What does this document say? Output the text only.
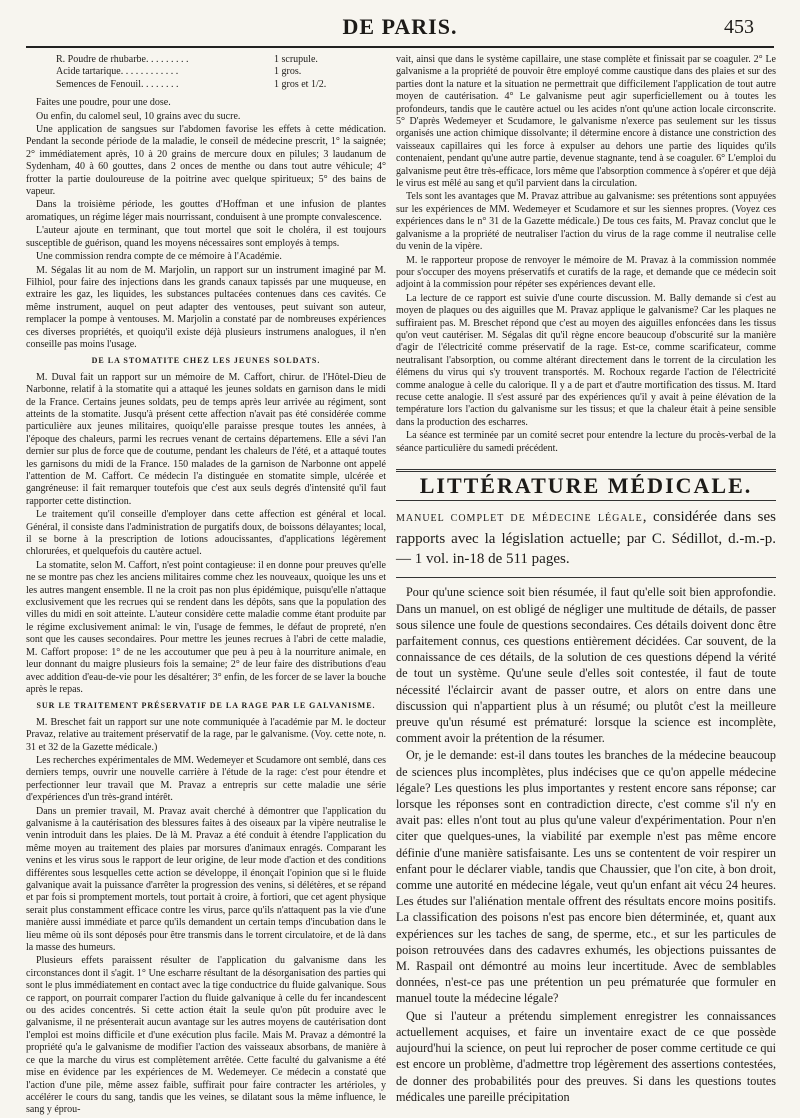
DE PARIS.	453
R. Poudre de rhubarbe. . . . . . . . .	1 scrupule.
Acide tartarique. . . . . . . . . . . .	1 gros.
Semences de Fenouil. . . . . . . .	1 gros et 1/2.

Faites une poudre, pour une dose.

Ou enfin, du calomel seul, 10 grains avec du sucre.

Une application de sangsues sur l'abdomen favorise les effets à cette médication. Pendant la seconde période de la maladie, le conseil de médecine prescrit, 1° la saignée; 2° immédiatement après, 10 à 20 grains de mercure doux en pilules; 3 laudanum de Sydenham, 40 à 60 gouttes, dans 2 onces de menthe ou dans tout autre véhicule; 4° frotter la partie douloureuse de la poitrine avec quelque spiritueux; 5° des bains de vapeur.

Dans la troisième période, les gouttes d'Hoffman et une infusion de plantes aromatiques, un régime léger mais nourrissant, conduisent à une prompte convalescence.

L'auteur ajoute en terminant, que tout mortel que soit le choléra, il est toujours susceptible de guérison, quand les moyens nécessaires sont employés à temps.

Une commission rendra compte de ce mémoire à l'Académie.

M. Ségalas lit au nom de M. Marjolin, un rapport sur un instrument imaginé par M. Filhiol, pour faire des injections dans les grands canaux tapissés par une muqueuse, en extraire les gaz, les liquides, les substances pultacées contenues dans ces cavités. Ce même instrument, auquel on peut adapter des ventouses, peut suivant son auteur, remplacer la pompe à ventouses. M. Marjolin a constaté par de nombreuses expériences ces diverses propriétés, et quoiqu'il existe déjà plusieurs instrumens analogues, il n'en conseille pas moins l'usage.

DE LA STOMATITE CHEZ LES JEUNES SOLDATS.

M. Duval fait un rapport sur un mémoire de M. Caffort, chirur. de l'Hôtel-Dieu de Narbonne, relatif à la stomatite qui a attaqué les jeunes soldats en garnison dans le midi de la France. Certains jeunes soldats, peu de temps après leur arrivée au régiment, sont atteints de la stomatite. Jusqu'à présent cette affection n'avait pas été considérée comme particulière aux jeunes militaires, quoiqu'elle paraisse presque toutes les années, à l'époque des chaleurs, parmi les recrues venant de certains départemens. Elle a sévi l'an dernier sur plus de force que de coutume, pendant les chaleurs de l'été, et a attaqué toutes les garnisons du midi de la France. 150 malades de la garnison de Narbonne ont appelé l'attention de M. Caffort. Ce médecin l'a distinguée en stomatite simple, ulcérée et gangréneuse: il fait remarquer toutefois que c'est aux seuls degrés d'intensité qu'il faut rapporter cette distinction.

Le traitement qu'il conseille d'employer dans cette affection est général et local. Général, il consiste dans l'administration de purgatifs doux, de boissons délayantes; local, il se borne à la prescription de lotions adoucissantes, d'applications légèrement chlorurées, et quelquefois du cautère actuel.

La stomatite, selon M. Caffort, n'est point contagieuse: il en donne pour preuves qu'elle ne se montre pas chez les anciens militaires comme chez les nouveaux, quoique les uns et les autres mangent ensemble. Il ne la croit pas non plus épidémique, puisqu'elle n'attaque exclusivement que les recrues qui se rendent dans les dépôts, sans que la population des villes du midi en soit atteinte. L'auteur considère cette maladie comme étant produite par le régime exclusivement animal: le vin, l'usage de femmes, le défaut de propreté, n'en sont que les causes secondaires. Pour mettre les jeunes recrues à l'abri de cette maladie, M. Caffort propose: 1° de ne les accoutumer que peu à peu à la nourriture animale, en leur donnant du maigre plusieurs fois la semaine; 2° de leur faire des distributions d'eau avec addition d'eau-de-vie pour les désaltérer; 3° enfin, de les forcer de se laver la bouche après le repas.

SUR LE TRAITEMENT PRÉSERVATIF DE LA RAGE PAR LE GALVANISME.

M. Breschet fait un rapport sur une note communiquée à l'académie par M. le docteur Pravaz, relative au traitement préservatif de la rage, par le galvanisme. (Voy. cette note, n. 31 et 32 de la Gazette médicale.)

Les recherches expérimentales de MM. Wedemeyer et Scudamore ont semblé, dans ces derniers temps, ouvrir une nouvelle carrière à l'étude de la rage: c'est pour étendre et perfectionner leur travail que M. Pravaz a entrepris sur cette maladie une série d'expériences d'un très-grand intérêt.

Dans un premier travail, M. Pravaz avait cherché à démontrer que l'application du galvanisme à la cautérisation des blessures faites à des oiseaux par la vipère neutralise le venin introduit dans les plaies. De là M. Pravaz a été conduit à étendre l'application du même moyen au traitement des plaies par morsures d'animaux enragés. Comparant les venins et les virus sous le rapport de leur origine, de leur mode d'action et des conditions différentes sous lesquelles cette action se développe, il énonçait l'opinion que si le fluide galvanique avait la puissance d'arrêter la progression des venins, si délétères, et se répand et par fois si promptement mortels, tout portait à croire, à fortiori, que cet agent physique serait plus constamment efficace contre les virus, parce qu'ils n'attaquent pas la vie d'une manière aussi immédiate et parce qu'ils demandent un certain temps d'incubation dans le lieu même où ils sont déposés pour être transmis dans le torrent circulatoire, et de là dans la masse des humeurs.

Plusieurs effets paraissent résulter de l'application du galvanisme dans les circonstances dont il s'agit. 1° Une escharre résultant de la désorganisation des parties qui sont le plus immédiatement en contact avec la tige conductrice du fluide galvanique. Sous ce rapport, on pourrait comparer l'action du fluide galvanique à celle du fer incandescent ou des acides concentrés. Si cette action était la seule qu'on pût produire avec le galvanisme, il ne présenterait aucun avantage sur les autres moyens de cautérisation dont l'emploi est moins difficile et d'une exécution plus facile. Mais M. Pravaz a démontré la propriété qu'a le galvanisme de modifier l'action des vaisseaux absorbans, de manière à ce que la marche du virus est complètement arrêtée. Cette faculté du galvanisme a été mise en évidence par les expériences de M. Wedemeyer. Ce médecin a constaté que l'action d'une pile, même assez faible, suffirait pour faire contracter les artérioles, y accélérer le cours du sang, tandis que les veines, se dilatant sous la même influence, le sang y éprou-

vait, ainsi que dans le système capillaire, une stase complète et finissait par se coaguler. 2° Le galvanisme a la propriété de pouvoir être employé comme caustique dans des plaies et sur des parties dont la nature et la situation ne permettrait que difficilement l'application de tout autre moyen de cautérisation. 4° Le galvanisme peut agir superficiellement ou à toutes les profondeurs, tandis que le cautère actuel ou les acides n'ont qu'une action locale circonscrite. 5° D'après Wedemeyer et Scudamore, le galvanisme n'exerce pas seulement sur les tissus organisés une action chimique dissolvante; il détermine encore à distance une constriction des vaisseaux capillaires qui les force à expulser au dehors une partie des liquides qu'ils contenaient, pendant qu'une autre partie, devenue stagnante, tend à se coaguler. 6° L'emploi du galvanisme peut être très-efficace, lors même que l'absorption commence à s'opérer et que déjà le virus est mêlé au sang et qu'il parvient dans la circulation.

Tels sont les avantages que M. Pravaz attribue au galvanisme: ses prétentions sont appuyées sur les expériences de MM. Wedemeyer et Scudamore et sur les siennes propres. (Voyez ces expériences dans le n° 31 de la Gazette médicale.) De tous ces faits, M. Pravaz conclut que le galvanisme a la propriété de neutraliser l'action du virus de la rage comme il neutralise celle du venin de la vipère.

M. le rapporteur propose de renvoyer le mémoire de M. Pravaz à la commission nommée pour s'occuper des moyens préservatifs et curatifs de la rage, et demande que ce médecin soit adjoint à la commission pour répéter ses expériences devant elle.

La lecture de ce rapport est suivie d'une courte discussion. M. Bally demande si c'est au moyen de plaques ou des aiguilles que M. Pravaz applique le galvanisme? Car les plaques ne suffiraient pas. M. Breschet répond que c'est au moyen des aiguilles enfoncées dans les tissus qu'on veut cautériser. M. Ségalas dit qu'il règne encore beaucoup d'obscurité sur la manière d'agir de l'électricité comme préservatif de la rage. Est-ce, comme scarificateur, comme neutralisant l'absorption, ou comme altérant directement dans le torrent de la circulation les élémens du virus qui s'y trouvent transportés. M. Rochoux regarde l'action de l'électricité comme analogue à celle du calorique. Il y a de part et d'autre mortification des tissus. M. Itard recuse cette analogie. Il s'est assuré par des expériences qu'il y avait à peine élévation de la température lors l'action du galvanisme sur les tissus; et que la chaleur était à peine sensible dans la production des escharres.

La séance est terminée par un comité secret pour entendre la lecture du procès-verbal de la séance particulière du samedi précédent.

LITTÉRATURE MÉDICALE.
MANUEL COMPLET DE MÉDECINE LÉGALE, considérée dans ses rapports avec la législation actuelle; par C. Sédillot, d.-m.-p. — 1 vol. in-18 de 511 pages.

Pour qu'une science soit bien résumée, il faut qu'elle soit bien approfondie. Dans un manuel, on est obligé de négliger une multitude de détails, de passer sous silence une foule de questions secondaires. Ces détails doivent donc être parfaitement connus, ces questions entièrement décidées. Car souvent, de la connaissance de ces détails, de la solution de ces questions dépend la vérité de tout un système. Qu'une seule d'elles soit contestée, il faut de toute nécessité l'éclaircir avant de passer outre, et alors on entre dans une discussion qui n'appartient plus à un résumé; ou plutôt c'est la meilleure preuve qu'un résumé est prématuré: lorsque la science est incomplète, comment avoir la prétention de la résumer.

Or, je le demande: est-il dans toutes les branches de la médecine beaucoup de sciences plus incomplètes, plus indécises que ce qu'on appelle médecine légale? Les questions les plus importantes y restent encore sans réponse; car lorsque les réponses sont en contradiction directe, c'est comme s'il n'y en avait pas: elles n'ont tout au plus qu'une valeur d'expérimentation. Pour n'en citer que quelques-unes, la viabilité par exemple n'est pas même encore définie d'une manière satisfaisante. Les uns se contentent de voir respirer un enfant pour le déclarer viable, tandis que Chaussier, que l'on cite, à bon droit, comme une autorité en médecine légale, veut qu'un enfant ait vécu 24 heures. Les études sur l'aliénation mentale offrent des résultats encore moins positifs. La classification des poisons n'est pas encore bien déterminée, et, quant aux expériences sur les taches de sang, de sperme, etc., et sur les particules de poison retrouvées dans des cadavres exhumés, les objections puissantes de M. Raspail ont démontré au moins leur incertitude. Avec de semblables données, n'est-ce pas une prétention un peu prématurée que formuler en manuel toute la médecine légale?

Que si l'auteur a prétendu simplement enregistrer les connaissances actuellement acquises, et faire un inventaire exact de ce que possède aujourd'hui la science, on peut lui reprocher de poser comme certitude ce qui est encore un problème, d'admettre trop légèrement des assertions contestées, de donner des probabilités pour des preuves. Si dans les questions toutes médicales une pareille précipitation
